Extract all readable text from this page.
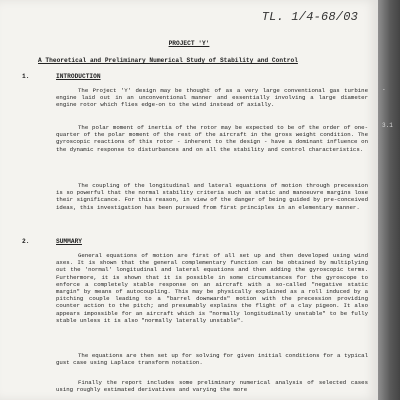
TL. 1/4-68/03
PROJECT 'Y'
A Theoretical and Preliminary Numerical Study of Stability and Control
1.	INTRODUCTION

The Project 'Y' design may be thought of as a very large conventional gas turbine engine laid out in an unconventional manner and essentially involving a large diameter engine rotor which flies edge-on to the wind instead of axially.

The polar moment of inertia of the rotor may be expected to be of the order of one-quarter of the polar moment of the rest of the aircraft in the gross weight condition. The gyroscopic reactions of this rotor - inherent to the design - have a dominant influence on the dynamic response to disturbances and on all the stability and control characteristics.

The coupling of the longitudinal and lateral equations of motion through precession is so powerful that the normal stability criteria such as static and manoeuvre margins lose their significance. For this reason, in view of the danger of being guided by pre-conceived ideas, this investigation has been pursued from first principles in an elementary manner.

2.	SUMMARY

General equations of motion are first of all set up and then developed using wind axes. It is shown that the general complementary function can be obtained by multiplying out the 'normal' longitudinal and lateral equations and then adding the gyroscopic terms. Furthermore, it is shown that it is possible in some circumstances for the gyroscope to enforce a completely stable response on an aircraft with a so-called "negative static margin" by means of autocoupling. This may be physically explained as a roll induced by a pitching couple leading to a "barrel downwards" motion with the precession providing counter action to the pitch; and presumably explains the flight of a clay pigeon. It also appears impossible for an aircraft which is "normally longitudinally unstable" to be fully stable unless it is also "normally laterally unstable".

The equations are then set up for solving for given initial conditions for a typical gust case using Laplace transform notation.

Finally the report includes some preliminary numerical analysis of selected cases using roughly estimated derivatives and varying the more

-
3.1
